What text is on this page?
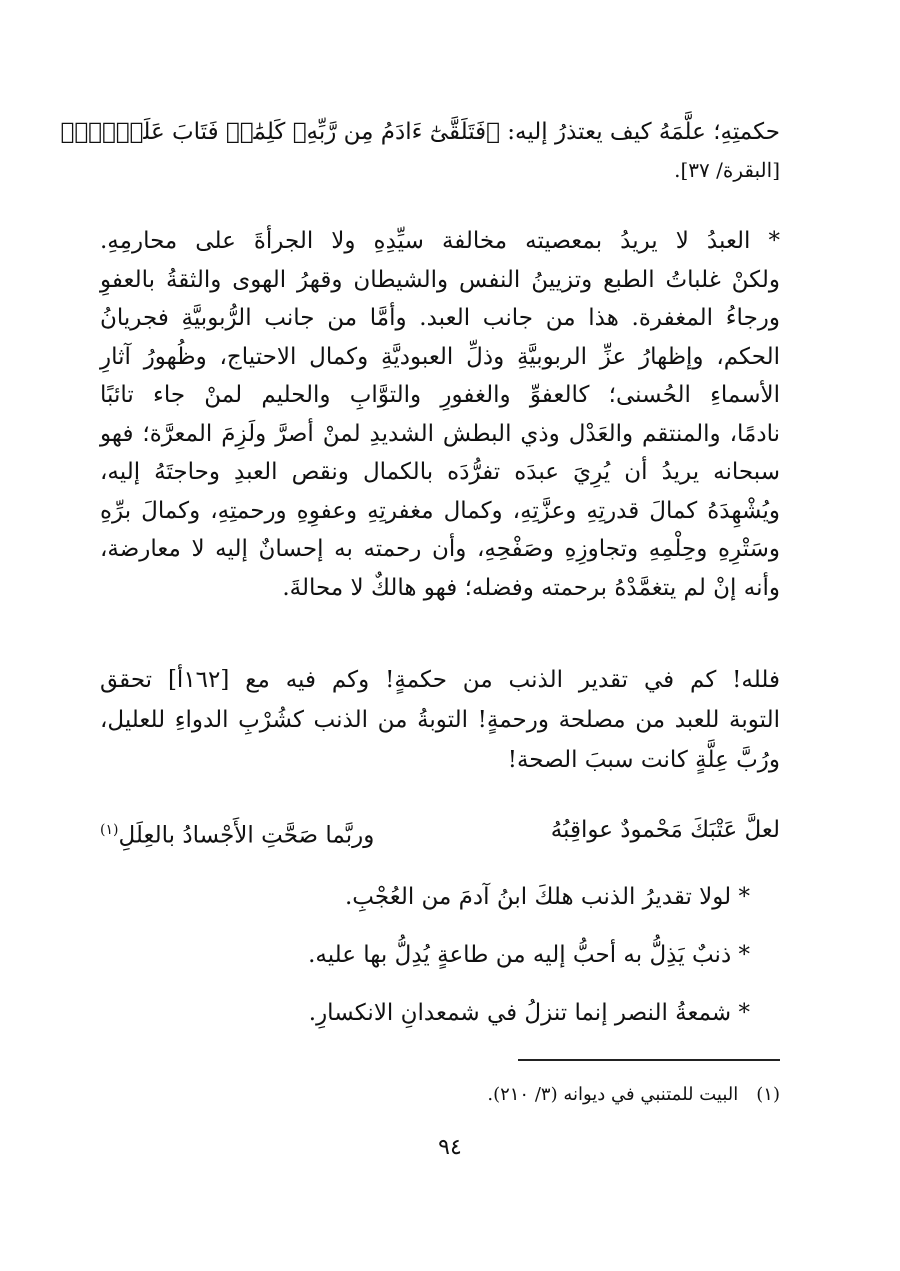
حكمتِهِ؛ علَّمَهُ كيف يعتذرُ إليه: ﴿فَتَلَقَّىٰٓ ءَادَمُ مِن رَّبِّهِۦ كَلِمَٰتٖ فَتَابَ عَلَيۡهِۚ﴾
[البقرة/ ٣٧].
* العبدُ لا يريدُ بمعصيته مخالفة سيِّدِهِ ولا الجرأةَ على محارمِهِ.
ولكنْ غلباتُ الطبع وتزيينُ النفس والشيطان وقهرُ الهوى والثقةُ بالعفوِ
ورجاءُ المغفرة. هذا من جانب العبد. وأمَّا من جانب الرُّبوبيَّةِ فجريانُ
الحكم، وإظهارُ عزِّ الربوبيَّةِ وذلِّ العبوديَّةِ وكمال الاحتياج، وظُهورُ آثارِ
الأسماءِ الحُسنى؛ كالعفوِّ والغفورِ والتوَّابِ والحليم لمنْ جاء تائبًا
نادمًا، والمنتقم والعَدْل وذي البطش الشديدِ لمنْ أصرَّ ولَزِمَ المعرَّة؛ فهو
سبحانه يريدُ أن يُرِيَ عبدَه تفرُّدَه بالكمال ونقص العبدِ وحاجتَهُ إليه،
ويُشْهِدَهُ كمالَ قدرتِهِ وعزَّتِهِ، وكمال مغفرتِهِ وعفوِهِ ورحمتِهِ، وكمالَ برِّهِ
وسَتْرِهِ وحِلْمِهِ وتجاوزِهِ وصَفْحِهِ، وأن رحمته به إحسانٌ إليه لا معارضة،
وأنه إنْ لم يتغمَّدْهُ برحمته وفضله؛ فهو هالكٌ لا محالةَ.
فلله! كم في تقدير الذنب من حكمةٍ! وكم فيه مع [١٦٢أ] تحقق
التوبة للعبد من مصلحة ورحمةٍ! التوبةُ من الذنب كشُرْبِ الدواءِ للعليل،
ورُبَّ عِلَّةٍ كانت سببَ الصحة!
لعلَّ عَتْبَكَ مَحْمودٌ عواقِبُهُ
وربَّما صَحَّتِ الأَجْسادُ بالعِلَلِ$^{(١)}$
* لولا تقديرُ الذنب هلكَ ابنُ آدمَ من العُجْبِ.
* ذنبٌ يَذِلُّ به أحبُّ إليه من طاعةٍ يُدِلُّ بها عليه.
* شمعةُ النصر إنما تنزلُ في شمعدانِ الانكسارِ.
(١)البيت للمتنبي في ديوانه (٣/ ٢١٠).
٩٤
